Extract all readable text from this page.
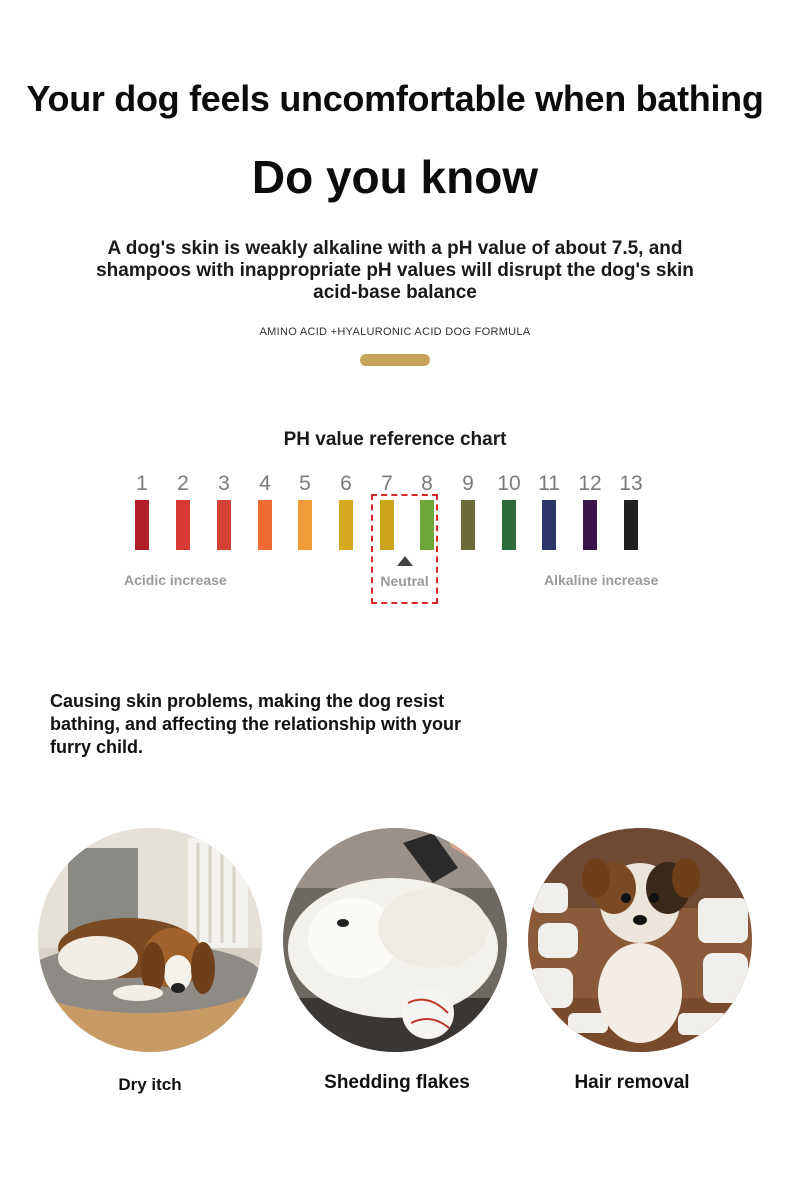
Your dog feels uncomfortable when bathing
Do you know
A dog's skin is weakly alkaline with a pH value of about 7.5, and shampoos with inappropriate pH values will disrupt the dog's skin acid-base balance
AMINO ACID +HYALURONIC ACID DOG FORMULA
PH value reference chart
1	2	3	4	5	6	7	8	9	10 11 12 13
Neutral
Acidic increase	Alkaline increase
Causing skin problems, making the dog resist bathing, and affecting the relationship with your furry child.
Dry itch	Shedding flakes	Hair removal
